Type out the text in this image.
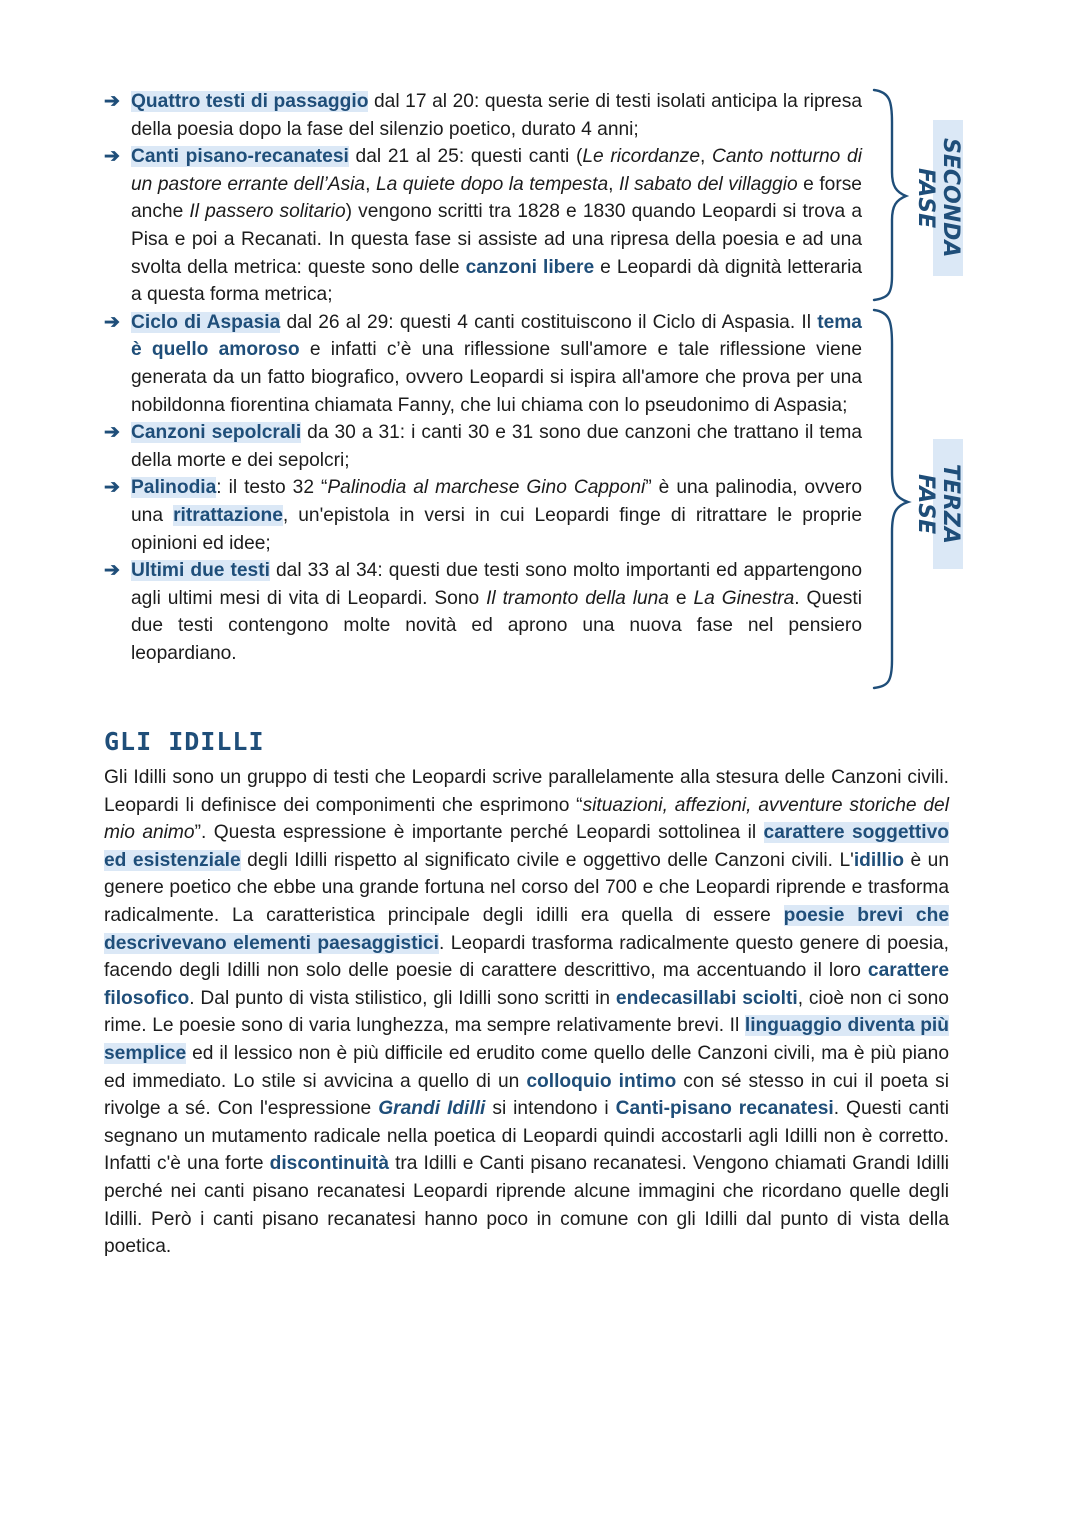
➔ Quattro testi di passaggio dal 17 al 20: questa serie di testi isolati anticipa la ripresa della poesia dopo la fase del silenzio poetico, durato 4 anni;
➔ Canti pisano-recanatesi dal 21 al 25: questi canti (Le ricordanze, Canto notturno di un pastore errante dell’Asia, La quiete dopo la tempesta, Il sabato del villaggio e forse anche Il passero solitario) vengono scritti tra 1828 e 1830 quando Leopardi si trova a Pisa e poi a Recanati. In questa fase si assiste ad una ripresa della poesia e ad una svolta della metrica: queste sono delle canzoni libere e Leopardi dà dignità letteraria a questa forma metrica;
➔ Ciclo di Aspasia dal 26 al 29: questi 4 canti costituiscono il Ciclo di Aspasia. Il tema è quello amoroso e infatti c’è una riflessione sull'amore e tale riflessione viene generata da un fatto biografico, ovvero Leopardi si ispira all'amore che prova per una nobildonna fiorentina chiamata Fanny, che lui chiama con lo pseudonimo di Aspasia;
➔ Canzoni sepolcrali da 30 a 31: i canti 30 e 31 sono due canzoni che trattano il tema della morte e dei sepolcri;
➔ Palinodia: il testo 32 “Palinodia al marchese Gino Capponi” è una palinodia, ovvero una ritrattazione, un'epistola in versi in cui Leopardi finge di ritrattare le proprie opinioni ed idee;
➔ Ultimi due testi dal 33 al 34: questi due testi sono molto importanti ed appartengono agli ultimi mesi di vita di Leopardi. Sono Il tramonto della luna e La Ginestra. Questi due testi contengono molte novità ed aprono una nuova fase nel pensiero leopardiano.
SECONDA FASE
TERZA FASE
GLI IDILLI
Gli Idilli sono un gruppo di testi che Leopardi scrive parallelamente alla stesura delle Canzoni civili. Leopardi li definisce dei componimenti che esprimono “situazioni, affezioni, avventure storiche del mio animo”. Questa espressione è importante perché Leopardi sottolinea il carattere soggettivo ed esistenziale degli Idilli rispetto al significato civile e oggettivo delle Canzoni civili. L'idillio è un genere poetico che ebbe una grande fortuna nel corso del 700 e che Leopardi riprende e trasforma radicalmente. La caratteristica principale degli idilli era quella di essere poesie brevi che descrivevano elementi paesaggistici. Leopardi trasforma radicalmente questo genere di poesia, facendo degli Idilli non solo delle poesie di carattere descrittivo, ma accentuando il loro carattere filosofico. Dal punto di vista stilistico, gli Idilli sono scritti in endecasillabi sciolti, cioè non ci sono rime. Le poesie sono di varia lunghezza, ma sempre relativamente brevi. Il linguaggio diventa più semplice ed il lessico non è più difficile ed erudito come quello delle Canzoni civili, ma è più piano ed immediato. Lo stile si avvicina a quello di un colloquio intimo con sé stesso in cui il poeta si rivolge a sé. Con l'espressione Grandi Idilli si intendono i Canti-pisano recanatesi. Questi canti segnano un mutamento radicale nella poetica di Leopardi quindi accostarli agli Idilli non è corretto. Infatti c'è una forte discontinuità tra Idilli e Canti pisano recanatesi. Vengono chiamati Grandi Idilli perché nei canti pisano recanatesi Leopardi riprende alcune immagini che ricordano quelle degli Idilli. Però i canti pisano recanatesi hanno poco in comune con gli Idilli dal punto di vista della poetica.
